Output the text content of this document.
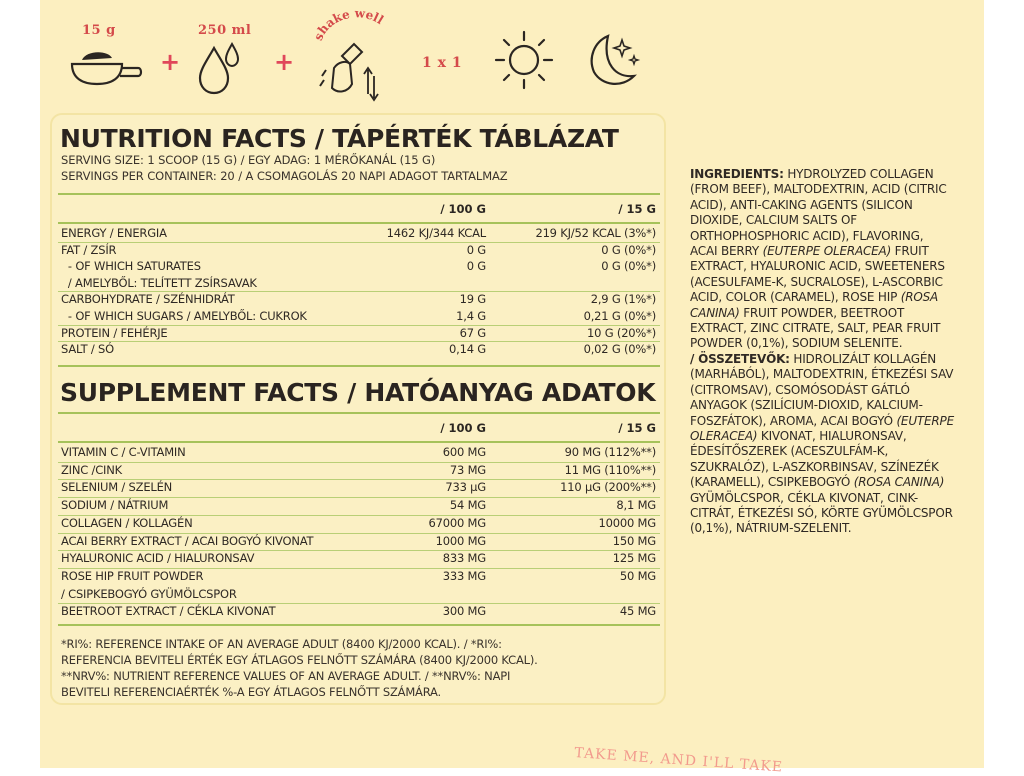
15 g
+
250 ml
+
shake well
1 x 1
NUTRITION FACTS / TÁPÉRTÉK TÁBLÁZAT
SERVING SIZE: 1 SCOOP (15 G) / EGY ADAG: 1 MÉRŐKANÁL (15 G)
SERVINGS PER CONTAINER: 20 / A CSOMAGOLÁS 20 NAPI ADAGOT TARTALMAZ
/ 100 G	/ 15 G
ENERGY / ENERGIA	1462 KJ/344 KCAL	219 KJ/52 KCAL (3%*)
FAT / ZSÍR	0 G	0 G (0%*)
- OF WHICH SATURATES	0 G	0 G (0%*)
/ AMELYBŐL: TELÍTETT ZSÍRSAVAK
CARBOHYDRATE / SZÉNHIDRÁT	19 G	2,9 G (1%*)
- OF WHICH SUGARS / AMELYBŐL: CUKROK	1,4 G	0,21 G (0%*)
PROTEIN / FEHÉRJE	67 G	10 G (20%*)
SALT / SÓ	0,14 G	0,02 G (0%*)
SUPPLEMENT FACTS / HATÓANYAG ADATOK
/ 100 G	/ 15 G
VITAMIN C / C-VITAMIN	600 MG	90 MG (112%**)
ZINC /CINK	73 MG	11 MG (110%**)
SELENIUM / SZELÉN	733 µG	110 µG (200%**)
SODIUM / NÁTRIUM	54 MG	8,1 MG
COLLAGEN / KOLLAGÉN	67000 MG	10000 MG
ACAI BERRY EXTRACT / ACAI BOGYÓ KIVONAT	1000 MG	150 MG
HYALURONIC ACID / HIALURONSAV	833 MG	125 MG
ROSE HIP FRUIT POWDER	333 MG	50 MG
/ CSIPKEBOGYÓ GYÜMÖLCSPOR
BEETROOT EXTRACT / CÉKLA KIVONAT	300 MG	45 MG
*RI%: REFERENCE INTAKE OF AN AVERAGE ADULT (8400 KJ/2000 KCAL). / *RI%:
REFERENCIA BEVITELI ÉRTÉK EGY ÁTLAGOS FELNŐTT SZÁMÁRA (8400 KJ/2000 KCAL).
**NRV%: NUTRIENT REFERENCE VALUES OF AN AVERAGE ADULT. / **NRV%: NAPI
BEVITELI REFERENCIAÉRTÉK %-A EGY ÁTLAGOS FELNŐTT SZÁMÁRA.
INGREDIENTS: HYDROLYZED COLLAGEN (FROM BEEF), MALTODEXTRIN, ACID (CITRIC ACID), ANTI-CAKING AGENTS (SILICON DIOXIDE, CALCIUM SALTS OF ORTHOPHOSPHORIC ACID), FLAVORING, ACAI BERRY (EUTERPE OLERACEA) FRUIT EXTRACT, HYALURONIC ACID, SWEETENERS (ACESULFAME-K, SUCRALOSE), L-ASCORBIC ACID, COLOR (CARAMEL), ROSE HIP (ROSA CANINA) FRUIT POWDER, BEETROOT EXTRACT, ZINC CITRATE, SALT, PEAR FRUIT POWDER (0,1%), SODIUM SELENITE.
/ ÖSSZETEVŐK: HIDROLIZÁLT KOLLAGÉN (MARHÁBÓL), MALTODEXTRIN, ÉTKEZÉSI SAV (CITROMSAV), CSOMÓSODÁST GÁTLÓ ANYAGOK (SZILÍCIUM-DIOXID, KALCIUM-FOSZFÁTOK), AROMA, ACAI BOGYÓ (EUTERPE OLERACEA) KIVONAT, HIALURONSAV, ÉDESÍTŐSZEREK (ACESZULFÁM-K, SZUKRALÓZ), L-ASZKORBINSAV, SZÍNEZÉK (KARAMELL), CSIPKEBOGYÓ (ROSA CANINA) GYÜMÖLCSPOR, CÉKLA KIVONAT, CINK-CITRÁT, ÉTKEZÉSI SÓ, KÖRTE GYÜMÖLCSPOR (0,1%), NÁTRIUM-SZELENIT.
TAKE ME, AND I'LL TAKE
